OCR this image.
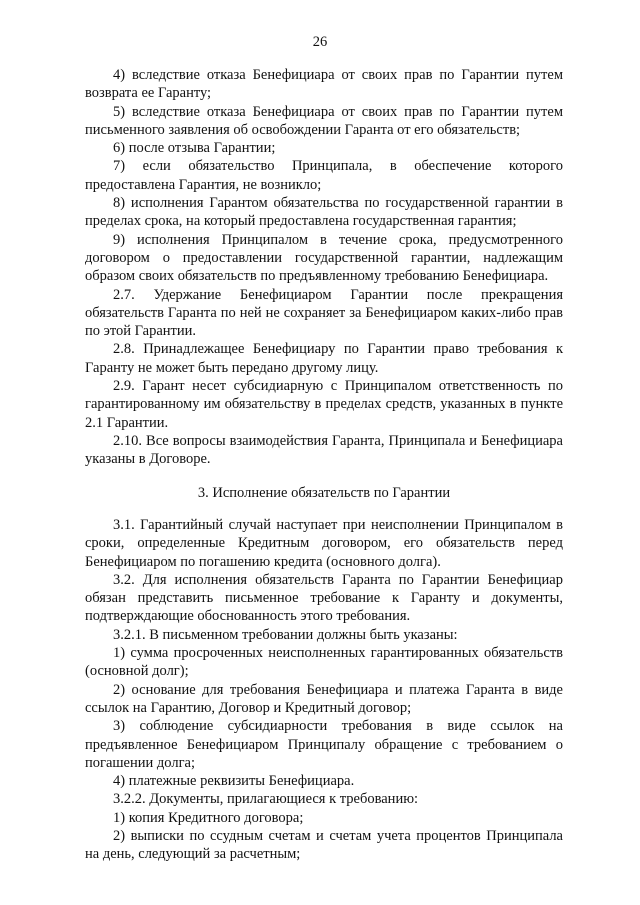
26

4) вследствие отказа Бенефициара от своих прав по Гарантии путем возврата ее Гаранту;

5) вследствие отказа Бенефициара от своих прав по Гарантии путем письменного заявления об освобождении Гаранта от его обязательств;

6) после отзыва Гарантии;

7) если обязательство Принципала, в обеспечение которого предоставлена Гарантия, не возникло;

8) исполнения Гарантом обязательства по государственной гарантии в пределах срока, на который предоставлена государственная гарантия;

9) исполнения Принципалом в течение срока, предусмотренного договором о предоставлении государственной гарантии, надлежащим образом своих обязательств по предъявленному требованию Бенефициара.

2.7. Удержание Бенефициаром Гарантии после прекращения обязательств Гаранта по ней не сохраняет за Бенефициаром каких-либо прав по этой Гарантии.

2.8. Принадлежащее Бенефициару по Гарантии право требования к Гаранту не может быть передано другому лицу.

2.9. Гарант несет субсидиарную с Принципалом ответственность по гарантированному им обязательству в пределах средств, указанных в пункте 2.1 Гарантии.

2.10. Все вопросы взаимодействия Гаранта, Принципала и Бенефициара указаны в Договоре.

3. Исполнение обязательств по Гарантии

3.1. Гарантийный случай наступает при неисполнении Принципалом в сроки, определенные Кредитным договором, его обязательств перед Бенефициаром по погашению кредита (основного долга).

3.2. Для исполнения обязательств Гаранта по Гарантии Бенефициар обязан представить письменное требование к Гаранту и документы, подтверждающие обоснованность этого требования.

3.2.1. В письменном требовании должны быть указаны:

1) сумма просроченных неисполненных гарантированных обязательств (основной долг);

2) основание для требования Бенефициара и платежа Гаранта в виде ссылок на Гарантию, Договор и Кредитный договор;

3) соблюдение субсидиарности требования в виде ссылок на предъявленное Бенефициаром Принципалу обращение с требованием о погашении долга;

4) платежные реквизиты Бенефициара.

3.2.2. Документы, прилагающиеся к требованию:

1) копия Кредитного договора;

2) выписки по ссудным счетам и счетам учета процентов Принципала на день, следующий за расчетным;
